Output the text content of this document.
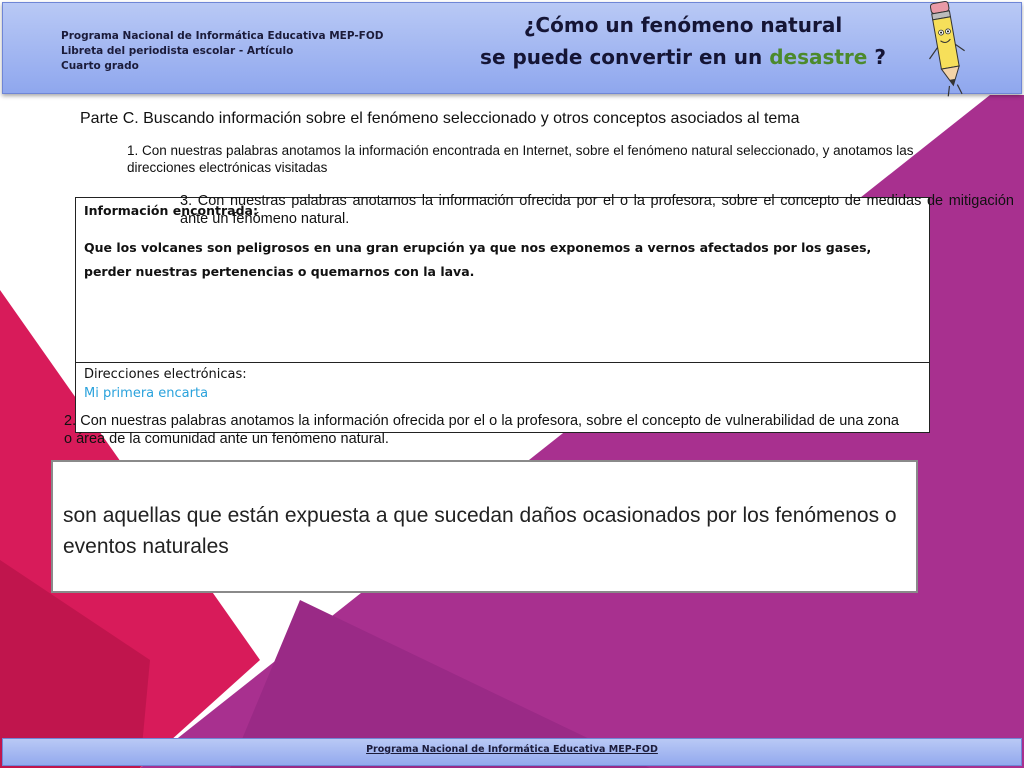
Programa Nacional de Informática Educativa MEP-FOD
Libreta del periodista escolar - Artículo
Cuarto grado
¿Cómo un fenómeno natural
se puede convertir en un desastre ?
Parte C. Buscando información sobre el fenómeno seleccionado y otros conceptos asociados al tema
Información encontrada:
Que los volcanes son peligrosos en una gran erupción ya que nos exponemos a vernos afectados por los gases, perder nuestras pertenencias o quemarnos con la lava.
Direcciones electrónicas:
Mi primera encarta
1. Con nuestras palabras anotamos la información encontrada en Internet, sobre el fenómeno natural seleccionado, y anotamos las direcciones electrónicas visitadas
3. Con nuestras palabras anotamos la información ofrecida por el o la profesora, sobre el concepto de medidas de mitigación ante un fenómeno natural.
2. Con nuestras palabras anotamos la información ofrecida por el o la profesora, sobre el concepto de vulnerabilidad de una zona o área de la comunidad ante un fenómeno natural.
son aquellas que están expuesta a que sucedan daños ocasionados por los fenómenos o eventos naturales
Programa Nacional de Informática Educativa MEP-FOD
